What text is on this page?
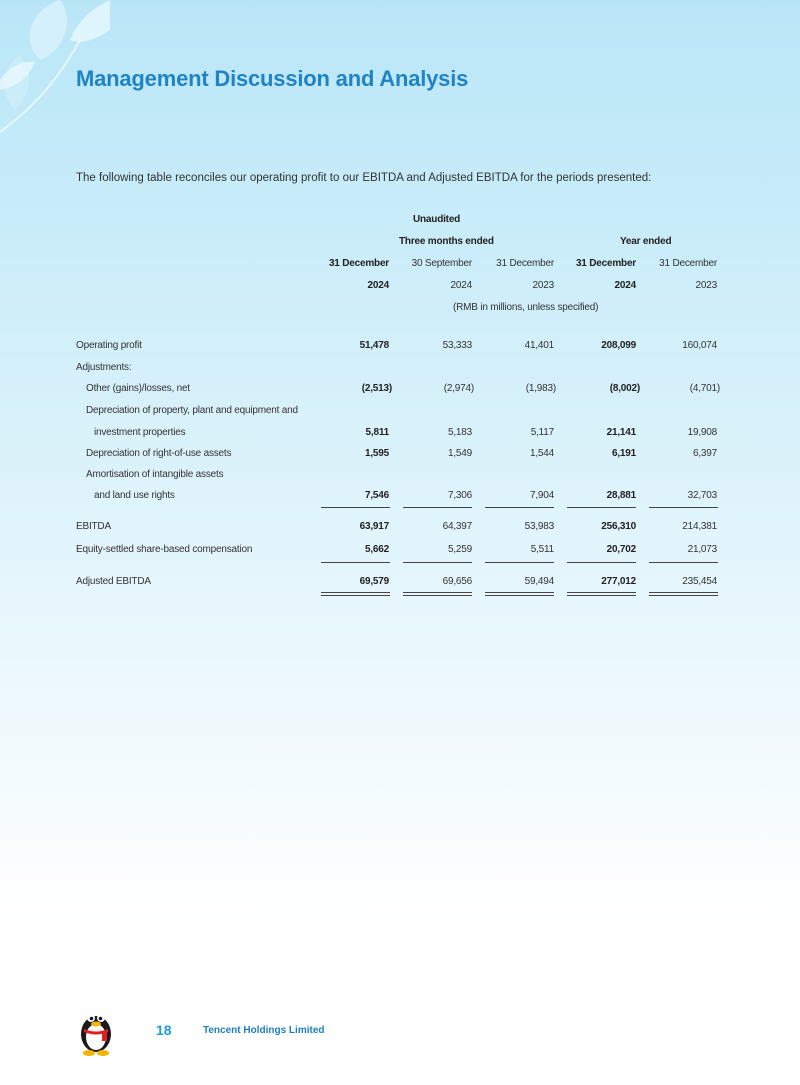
Management Discussion and Analysis

The following table reconciles our operating profit to our EBITDA and Adjusted EBITDA for the periods presented:

Unaudited
Three months ended	Year ended
31 December 30 September 31 December 31 December 31 December
2024	2024	2023	2024	2023
(RMB in millions, unless specified)
Operating profit	51,478	53,333	41,401	208,099	160,074
Adjustments:
Other (gains)/losses, net	(2,513)	(2,974)	(1,983)	(8,002)	(4,701)
Depreciation of property, plant and equipment and
investment properties	5,811	5,183	5,117	21,141	19,908
Depreciation of right-of-use assets	1,595	1,549	1,544	6,191	6,397
Amortisation of intangible assets
and land use rights	7,546	7,306	7,904	28,881	32,703
EBITDA	63,917	64,397	53,983	256,310	214,381
Equity-settled share-based compensation	5,662	5,259	5,511	20,702	21,073
Adjusted EBITDA	69,579	69,656	59,494	277,012	235,454
18	Tencent Holdings Limited
